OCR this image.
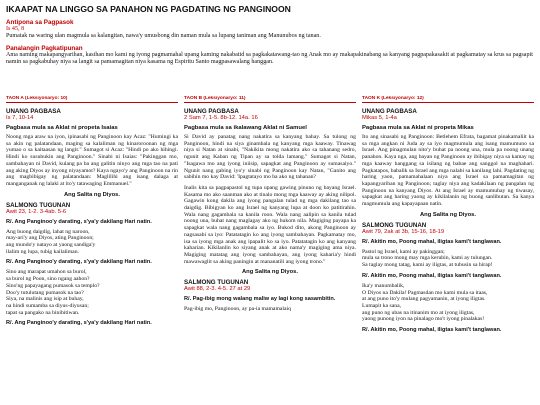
IKAAPAT NA LINGGO SA PANAHON NG PAGDATING NG PANGINOON
Antipona sa Pagpasok

Is 45, 8

Pumatak na waring ulan magmula sa kalangitan, nawa'y umusbong din naman mula sa lupang taniman ang Manunubos ng tanan.

Panalangin Pagkatipunan

Ama naming makapangyarihan, kasihan mo kami ng iyong pagmamahal upang kaming nakabatid sa pagkakatawang-tao ng Anak mo ay makapakinabang sa kanyang pagpapakasakit at pagkamatay sa krus sa pagsapit namin sa pagkabuhay niya sa langit sa pamamagitan niya kasama ng Espiritu Santo magpasawalang hanggan.

TAON A (Leksiyonaryo: 10)
UNANG PAGBASA
Is 7, 10-14
Pagbasa mula sa Aklat ni propeta Isaias

Noong mga araw na iyon, ipinasabi ng Panginoon kay Acaz: "Humingi ka sa akin ng palatandaan, maging sa kalaliman ng kinaroroonan ng mga yumao o sa kaitaasan ng langit." Sumagot si Acaz: "Hindi po ako hihingi. Hindi ko susubukin ang Panginoon." Sinabi ni Isaias: "Pakinggan mo, sambahayan ni David, kulang pa ba ang galitin ninyo ang mga tao na pati ang aking Diyos ay inyong niyayamot? Kaya ngayo'y ang Panginoon na rin ang magbibigay ng palatandaan: Maglilihi ang isang dalaga at manganganak ng lalaki at ito'y tatawaging Emmanuel."

Ang Salita ng Diyos.

SALMONG TUGUNAN
Awit 23, 1-2. 3-4ab. 5-6
R/. Ang Panginoo'y darating, s'ya'y dakilang Hari natin.

Ang buong daigdig, lahat ng naroon,

may-ari'y ang Diyos, ating Panginoon;

ang mundo'y natayo at yaong sandiga'y

ilalim ng lupa, tubig kailaliman.

R/. Ang Panginoo'y darating, s'ya'y dakilang Hari natin.

Sino ang marapat umahon sa burol,

sa burol ng Poon, sino ngang aahon?

Sino'ng papayagang pumasok sa templo?

Doo'y tutulutang pumasok na tao?

Siya, na malinis ang isip at buhay,

na hindi sumamba sa diyus-diyusan;

tapat sa pangako na binibitiwan.

R/. Ang Panginoo'y darating, s'ya'y dakilang Hari natin.
TAON B (Leksiyonaryo: 11)
UNANG PAGBASA
2 Sam 7, 1-5. 8b-12. 14a. 16
Pagbasa mula sa ikalawang Aklat ni Samuel

Si David ay panatag nang nakatira sa kanyang bahay. Sa tulong ng Panginoon, hindi na siya ginambala ng kanyang mga kaaway. Tinawag niya si Natan at sinabi, "Nakikita mong nakatira ako sa tahanang sedro, ngunit ang Kaban ng Tipan ay sa tolda lamang." Sumagot si Natan, "Isagawa mo ang iyong iniisip, sapagkat ang Panginoon ay sumasaiyo." Ngunit nang gabing iyo'y sinabi ng Panginoon kay Natan, "Ganito ang sabihin mo kay David: 'Ipagtatayo mo ba ako ng tahanan?

Inalis kita sa pagpapastol ng tupa upang gawing pinuno ng bayang Israel. Kasama mo ako saanman ako at tinalo mong mga kaaway ay aking nilipol. Gagawin kong dakila ang iyong pangalan tulad ng mga dakilang tao sa daigdig. Bibigyan ko ang Israel ng kanyang lupa at doon ko patitirahin. Wala nang gagambala sa kanila roon. Wala nang aalipin sa kanila tulad noong una, buhat nang maglagay ako ng hukom nila. Magiging payapa ka sapagkat wala nang gagambala sa iyo. Bukod dito, akong Panginoon ay nagsasabi sa iyo: Patatatagin ko ang iyong sambahayan. Pagkamatay mo, isa sa iyong mga anak ang ipapalit ko sa iyo. Patatatagin ko ang kanyang kaharian. Kikilanlin ko siyang anak at ako nama'y magiging ama niya. Magiging matatag ang iyong sambahayan, ang iyong kaharia'y hindi mawawaglit sa aking paningin at mananatili ang iyong trono."

Ang Salita ng Diyos.

SALMONG TUGUNAN
Awit 88, 2-3. 4-5. 27 at 29
R/. Pag-ibig mong walang maliw ay lagi kong sasambitin.

Pag-ibig mo, Panginoon, ay pa-ia mamamalaiq

TAON K (Leksiyonaryo: 12)
UNANG PAGBASA
Mikas 5, 1-4a
Pagbasa mula sa Aklat ni propeta Mikas

Ito ang sinasabi ng Panginoon: Betlehem Efrata, bagamat pinakamaliit ka sa mga angkan ni Juda ay sa iyo magmumula ang isang mamumuno sa Israel. Ang pinagmulan nito'y buhat pa noong una, mula pa noong unang panahon. Kaya nga, ang bayan ng Panginoon ay ibibigay niya sa kamay ng mga kaaway hanggang sa isilang ng babae ang sanggol na maghahari. Pagkatapos, babalik sa Israel ang mga nalabi sa kanilang lahi. Pagdating ng haring yaon, pamamahalaan niya ang Israel sa pamamagitan ng kapangyarihan ng Panginoon; taglay niya ang kadakilaan ng pangalan ng Panginoon na kanyang Diyos. At ang Israel ay mamumuhay ng tiwasay, sapagkat ang haring yaong ay kikilalanin ng buong sanlibutan. Sa kanya magmumula ang kapayapaan natin.

Ang Salita ng Diyos.

SALMONG TUGUNAN
Awit 79, 2ak at 3b, 15-16, 18-19
R/. Akitin mo, Poong mahal, iligtas kami't tanglawan.

Pastol ng Israel, kami ay pakinggan;

mula sa trono mong may mga kerubin, kami ay tulungan.

Sa taglay mong tatag, kami ay iligtas, at tubusin sa hirap!

R/. Akitin mo, Poong mahal, iligtas kami't tanglawan.

Ika'y manumbalik,

O Diyos na Dakila! Pagmasdan mo kami mula sa itaas,

at ang puno ito'y mulang pagyamanin, at iyong iligtas.

Lumapit ka sana,

ang puno ng ubas na itinanim mo at iyong iligtas,

yaong punong iyon na pinalago mo't iyong pinalakas!

R/. Akitin mo, Poong mahal, iligtas kami't tanglawan.
